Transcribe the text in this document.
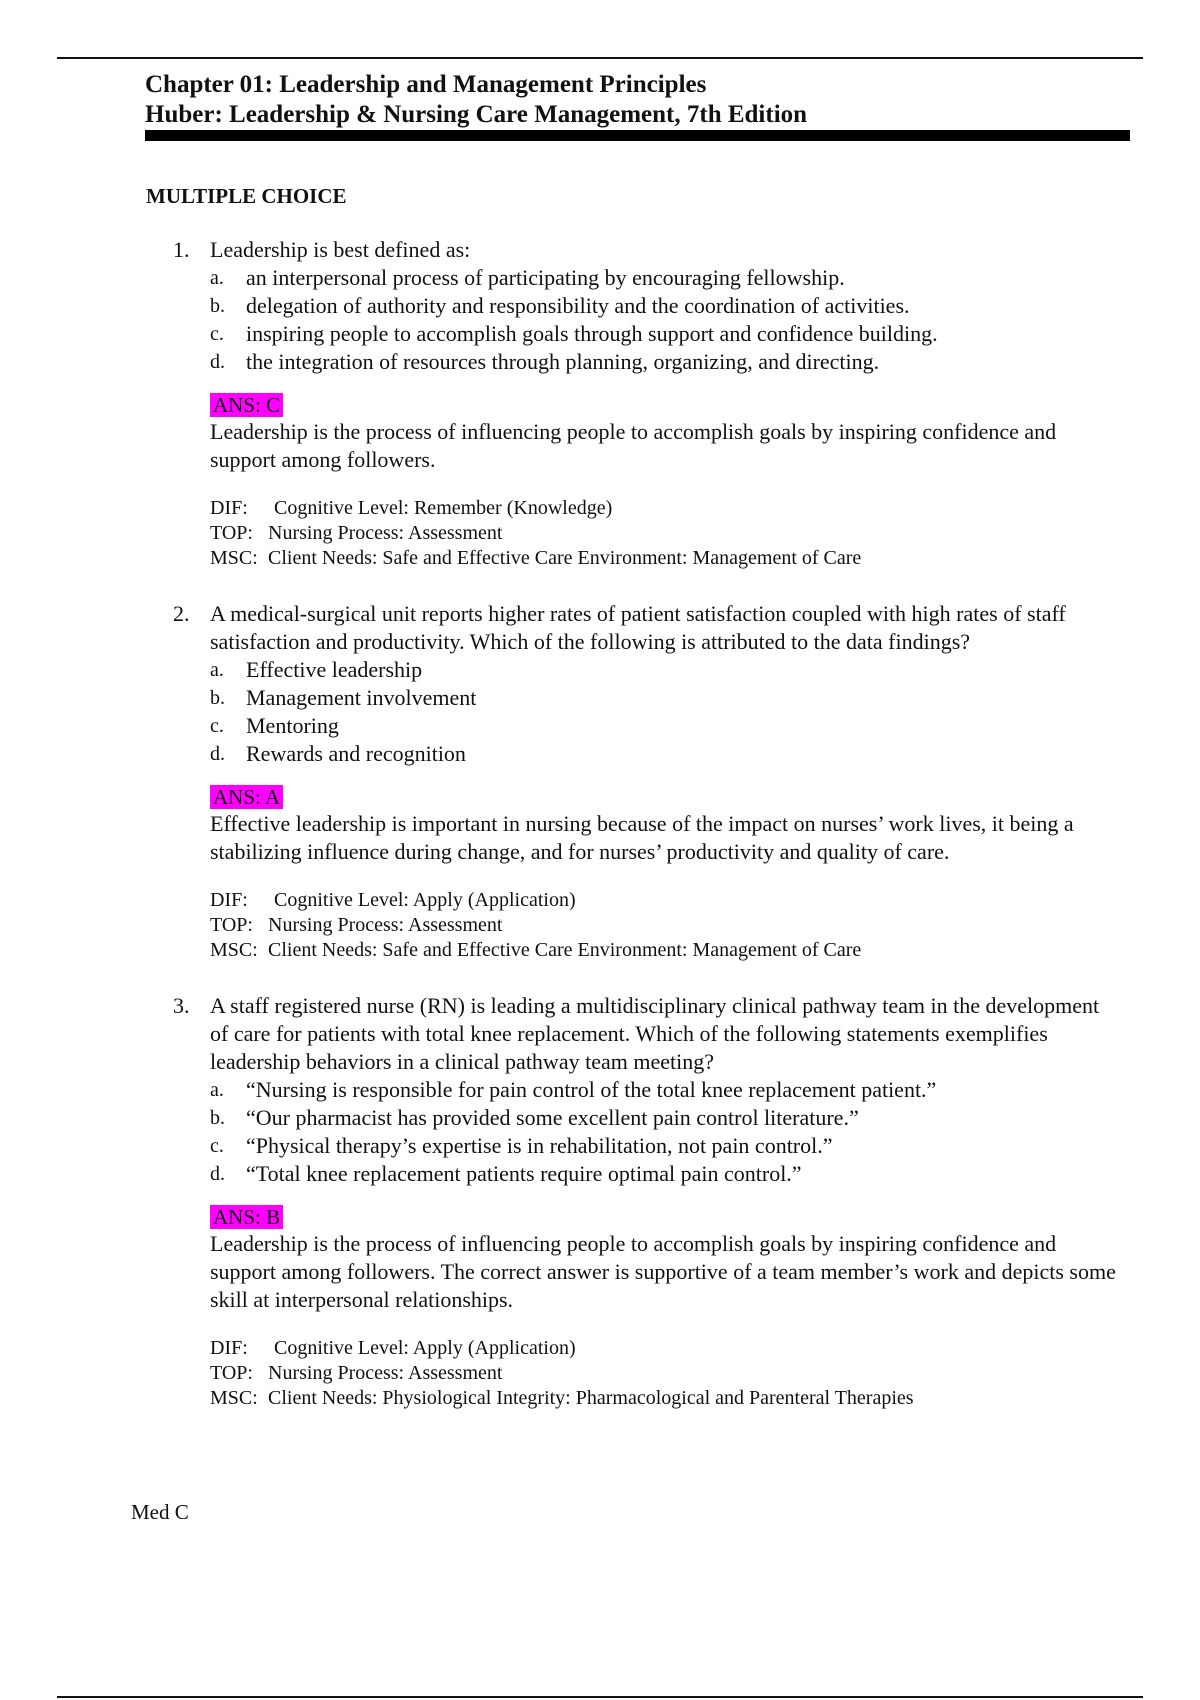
Chapter 01: Leadership and Management Principles
Huber: Leadership & Nursing Care Management, 7th Edition
MULTIPLE CHOICE
1. Leadership is best defined as:
a. an interpersonal process of participating by encouraging fellowship.
b. delegation of authority and responsibility and the coordination of activities.
c. inspiring people to accomplish goals through support and confidence building.
d. the integration of resources through planning, organizing, and directing.
ANS: C
Leadership is the process of influencing people to accomplish goals by inspiring confidence and support among followers.
DIF: Cognitive Level: Remember (Knowledge)
TOP: Nursing Process: Assessment
MSC: Client Needs: Safe and Effective Care Environment: Management of Care
2. A medical-surgical unit reports higher rates of patient satisfaction coupled with high rates of staff satisfaction and productivity. Which of the following is attributed to the data findings?
a. Effective leadership
b. Management involvement
c. Mentoring
d. Rewards and recognition
ANS: A
Effective leadership is important in nursing because of the impact on nurses’ work lives, it being a stabilizing influence during change, and for nurses’ productivity and quality of care.
DIF: Cognitive Level: Apply (Application)
TOP: Nursing Process: Assessment
MSC: Client Needs: Safe and Effective Care Environment: Management of Care
3. A staff registered nurse (RN) is leading a multidisciplinary clinical pathway team in the development of care for patients with total knee replacement. Which of the following statements exemplifies leadership behaviors in a clinical pathway team meeting?
a. “Nursing is responsible for pain control of the total knee replacement patient.”
b. “Our pharmacist has provided some excellent pain control literature.”
c. “Physical therapy’s expertise is in rehabilitation, not pain control.”
d. “Total knee replacement patients require optimal pain control.”
ANS: B
Leadership is the process of influencing people to accomplish goals by inspiring confidence and support among followers. The correct answer is supportive of a team member’s work and depicts some skill at interpersonal relationships.
DIF: Cognitive Level: Apply (Application)
TOP: Nursing Process: Assessment
MSC: Client Needs: Physiological Integrity: Pharmacological and Parenteral Therapies
Med C
